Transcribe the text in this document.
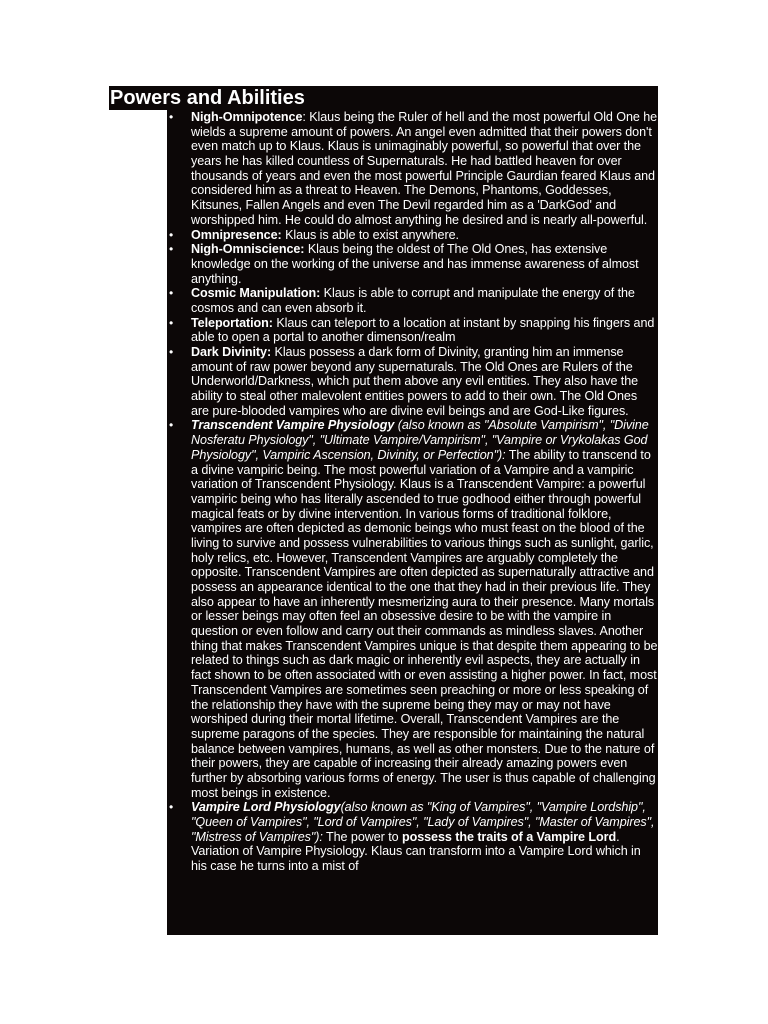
Powers and Abilities
• Nigh-Omnipotence: Klaus being the Ruler of hell and the most powerful Old One he wields a supreme amount of powers. An angel even admitted that their powers don't even match up to Klaus. Klaus is unimaginably powerful, so powerful that over the years he has killed countless of Supernaturals. He had battled heaven for over thousands of years and even the most powerful Principle Gaurdian feared Klaus and considered him as a threat to Heaven. The Demons, Phantoms, Goddesses, Kitsunes, Fallen Angels and even The Devil regarded him as a 'DarkGod' and worshipped him. He could do almost anything he desired and is nearly all-powerful.
• Omnipresence: Klaus is able to exist anywhere.
• Nigh-Omniscience: Klaus being the oldest of The Old Ones, has extensive knowledge on the working of the universe and has immense awareness of almost anything.
• Cosmic Manipulation: Klaus is able to corrupt and manipulate the energy of the cosmos and can even absorb it.
• Teleportation: Klaus can teleport to a location at instant by snapping his fingers and able to open a portal to another dimenson/realm
• Dark Divinity: Klaus possess a dark form of Divinity, granting him an immense amount of raw power beyond any supernaturals. The Old Ones are Rulers of the Underworld/Darkness, which put them above any evil entities. They also have the ability to steal other malevolent entities powers to add to their own. The Old Ones are pure-blooded vampires who are divine evil beings and are God-Like figures.
• Transcendent Vampire Physiology (also known as "Absolute Vampirism", "Divine Nosferatu Physiology", "Ultimate Vampire/Vampirism", "Vampire or Vrykolakas God Physiology", Vampiric Ascension, Divinity, or Perfection"): The ability to transcend to a divine vampiric being. The most powerful variation of a Vampire and a vampiric variation of Transcendent Physiology. Klaus is a Transcendent Vampire: a powerful vampiric being who has literally ascended to true godhood either through powerful magical feats or by divine intervention. In various forms of traditional folklore, vampires are often depicted as demonic beings who must feast on the blood of the living to survive and possess vulnerabilities to various things such as sunlight, garlic, holy relics, etc. However, Transcendent Vampires are arguably completely the opposite. Transcendent Vampires are often depicted as supernaturally attractive and possess an appearance identical to the one that they had in their previous life. They also appear to have an inherently mesmerizing aura to their presence. Many mortals or lesser beings may often feel an obsessive desire to be with the vampire in question or even follow and carry out their commands as mindless slaves. Another thing that makes Transcendent Vampires unique is that despite them appearing to be related to things such as dark magic or inherently evil aspects, they are actually in fact shown to be often associated with or even assisting a higher power. In fact, most Transcendent Vampires are sometimes seen preaching or more or less speaking of the relationship they have with the supreme being they may or may not have worshiped during their mortal lifetime. Overall, Transcendent Vampires are the supreme paragons of the species. They are responsible for maintaining the natural balance between vampires, humans, as well as other monsters. Due to the nature of their powers, they are capable of increasing their already amazing powers even further by absorbing various forms of energy. The user is thus capable of challenging most beings in existence.
• Vampire Lord Physiology(also known as "King of Vampires", "Vampire Lordship", "Queen of Vampires", "Lord of Vampires", "Lady of Vampires", "Master of Vampires", "Mistress of Vampires"): The power to possess the traits of a Vampire Lord. Variation of Vampire Physiology. Klaus can transform into a Vampire Lord which in his case he turns into a mist of
